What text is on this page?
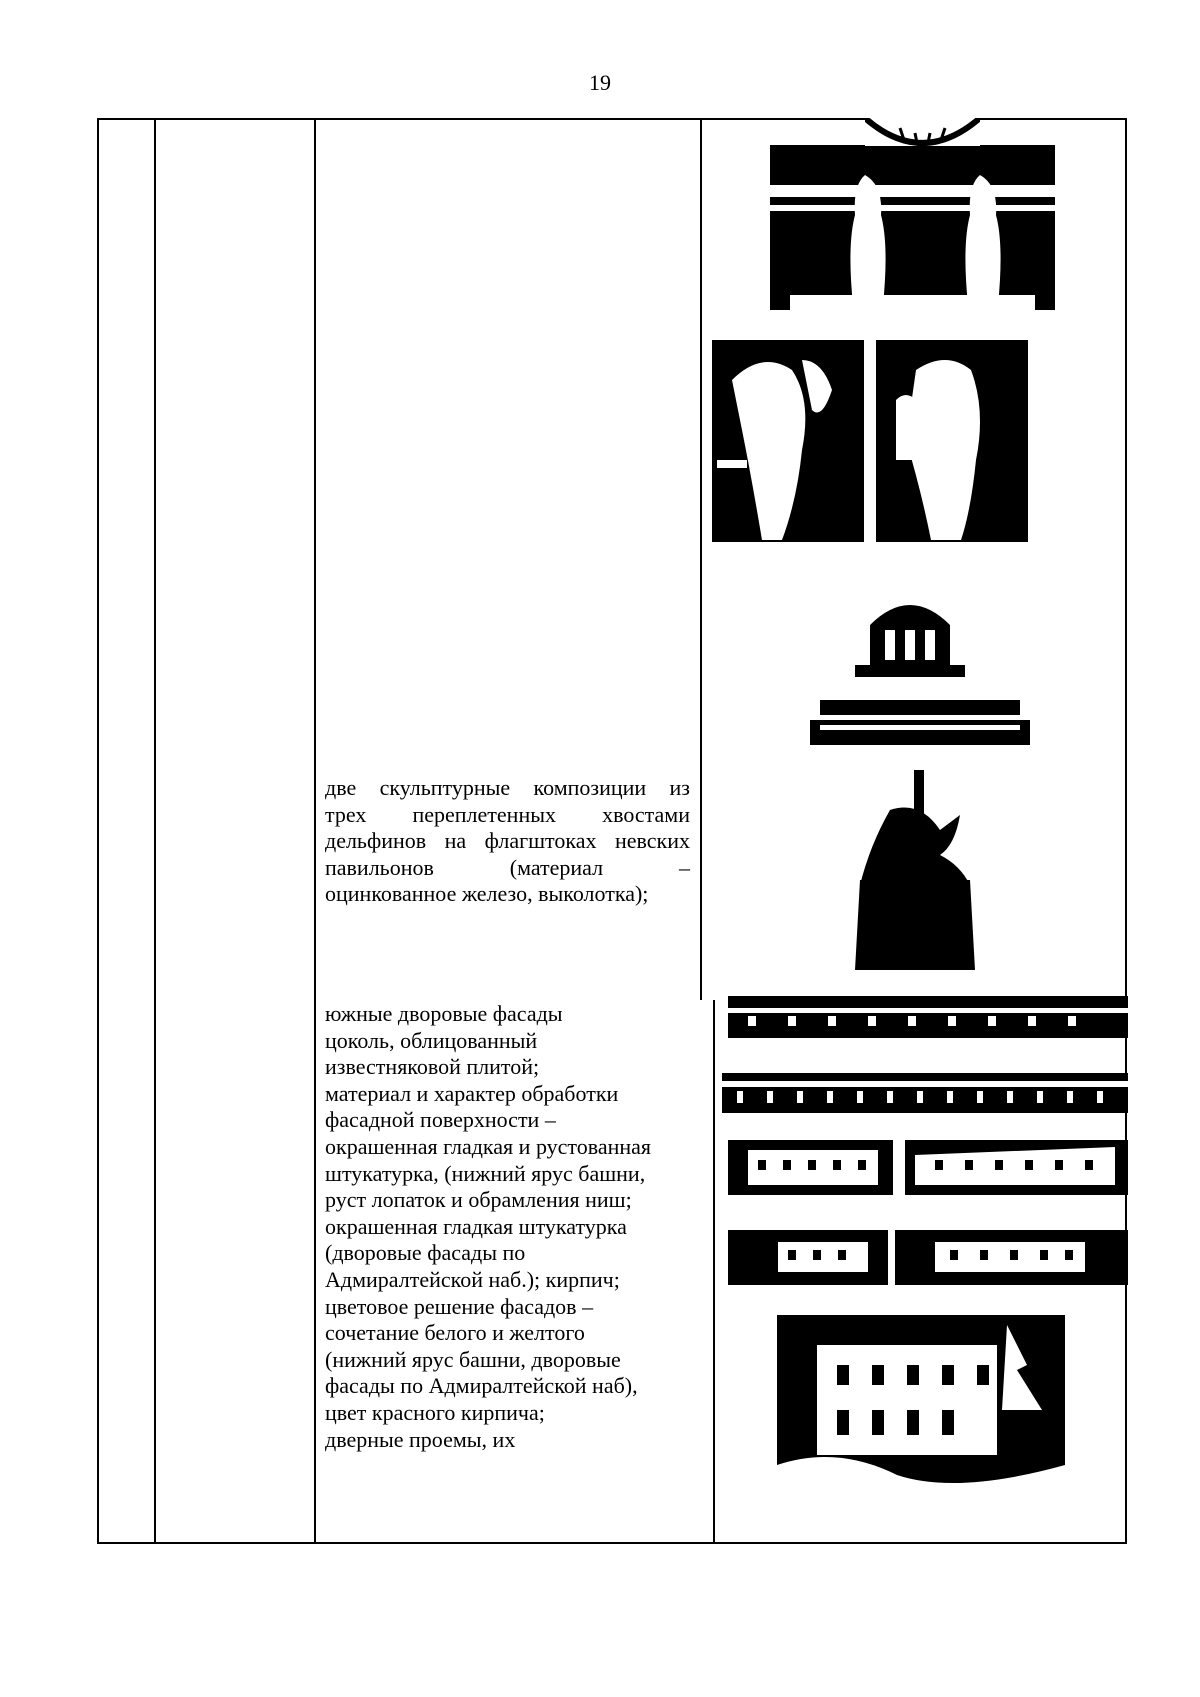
19
две скульптурные композиции из
трех переплетенных хвостами
дельфинов на флагштоках невских
павильонов (материал –
оцинкованное железо, выколотка);
южные дворовые фасады
цоколь, облицованный
известняковой плитой;
материал и характер обработки
фасадной поверхности –
окрашенная гладкая и рустованная
штукатурка, (нижний ярус башни,
руст лопаток и обрамления ниш;
окрашенная гладкая штукатурка
(дворовые фасады по
Адмиралтейской наб.); кирпич;
цветовое решение фасадов –
сочетание белого и желтого
(нижний ярус башни, дворовые
фасады по Адмиралтейской наб),
цвет красного кирпича;
дверные проемы, их
